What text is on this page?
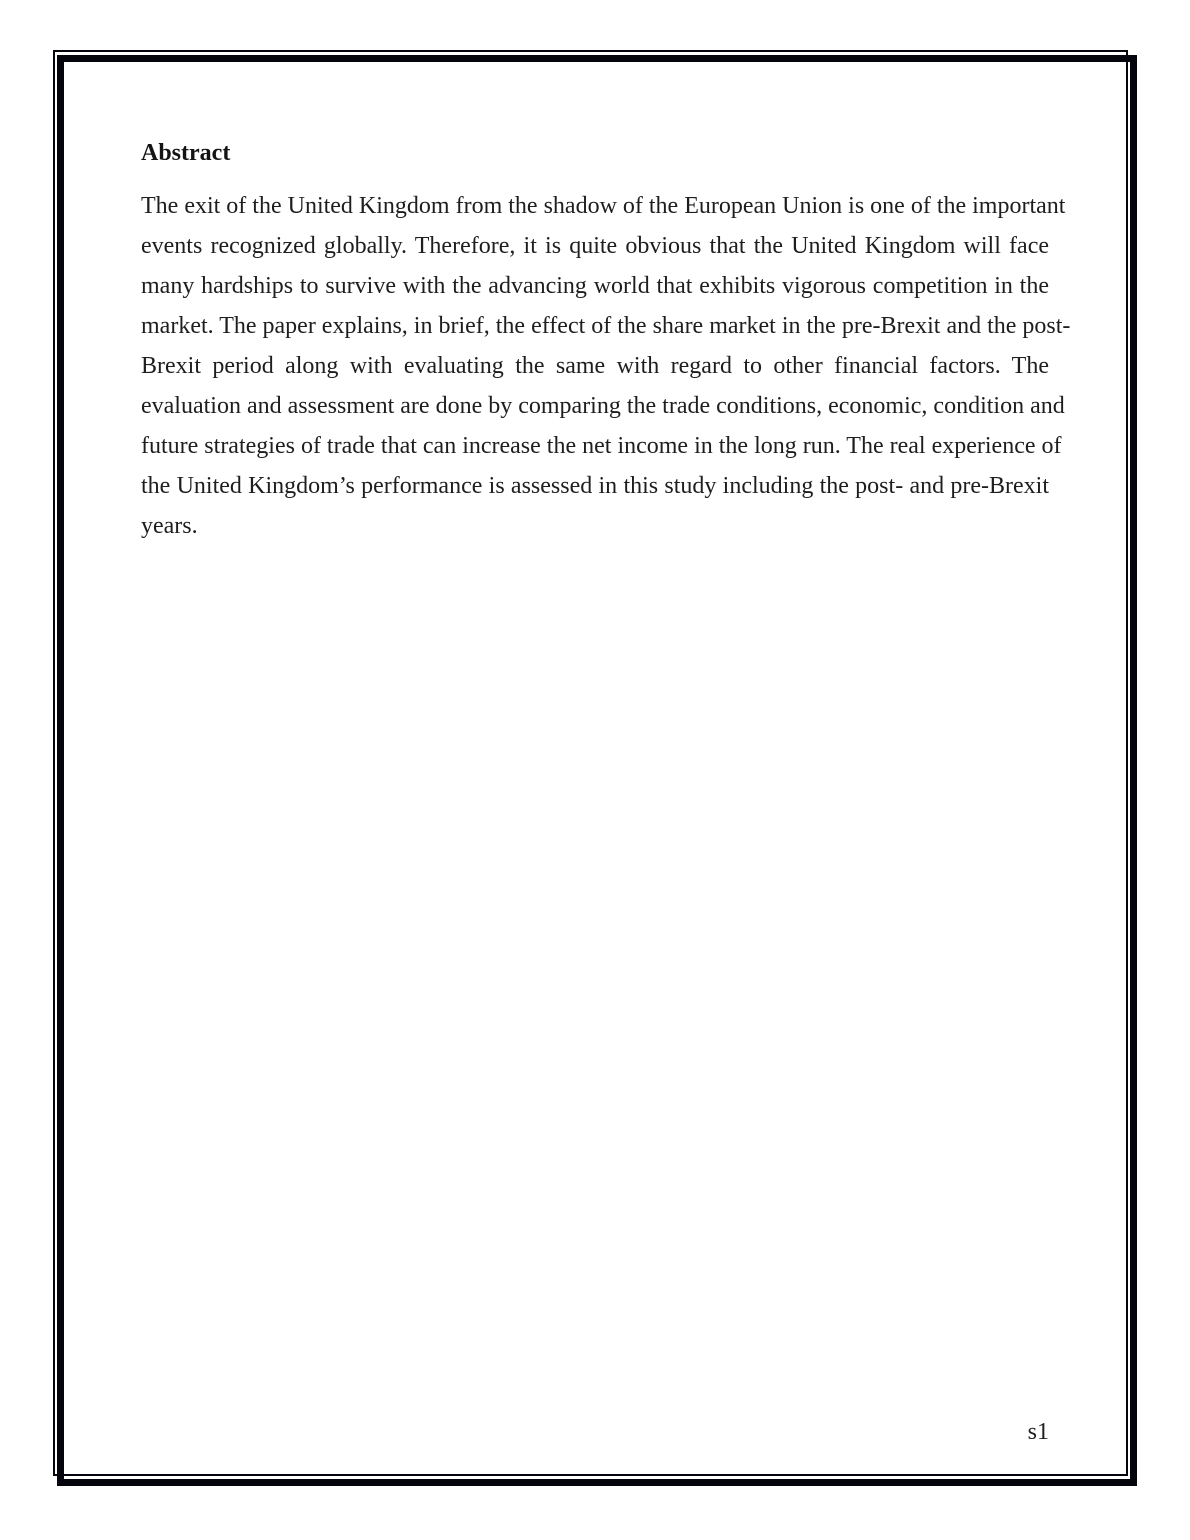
Abstract
The exit of the United Kingdom from the shadow of the European Union is one of the important
events recognized globally. Therefore, it is quite obvious that the United Kingdom will face
many hardships to survive with the advancing world that exhibits vigorous competition in the
market. The paper explains, in brief, the effect of the share market in the pre-Brexit and the post-
Brexit period along with evaluating the same with regard to other financial factors. The
evaluation and assessment are done by comparing the trade conditions, economic, condition and
future strategies of trade that can increase the net income in the long run. The real experience of
the United Kingdom’s performance is assessed in this study including the post- and pre-Brexit
years.
s1
